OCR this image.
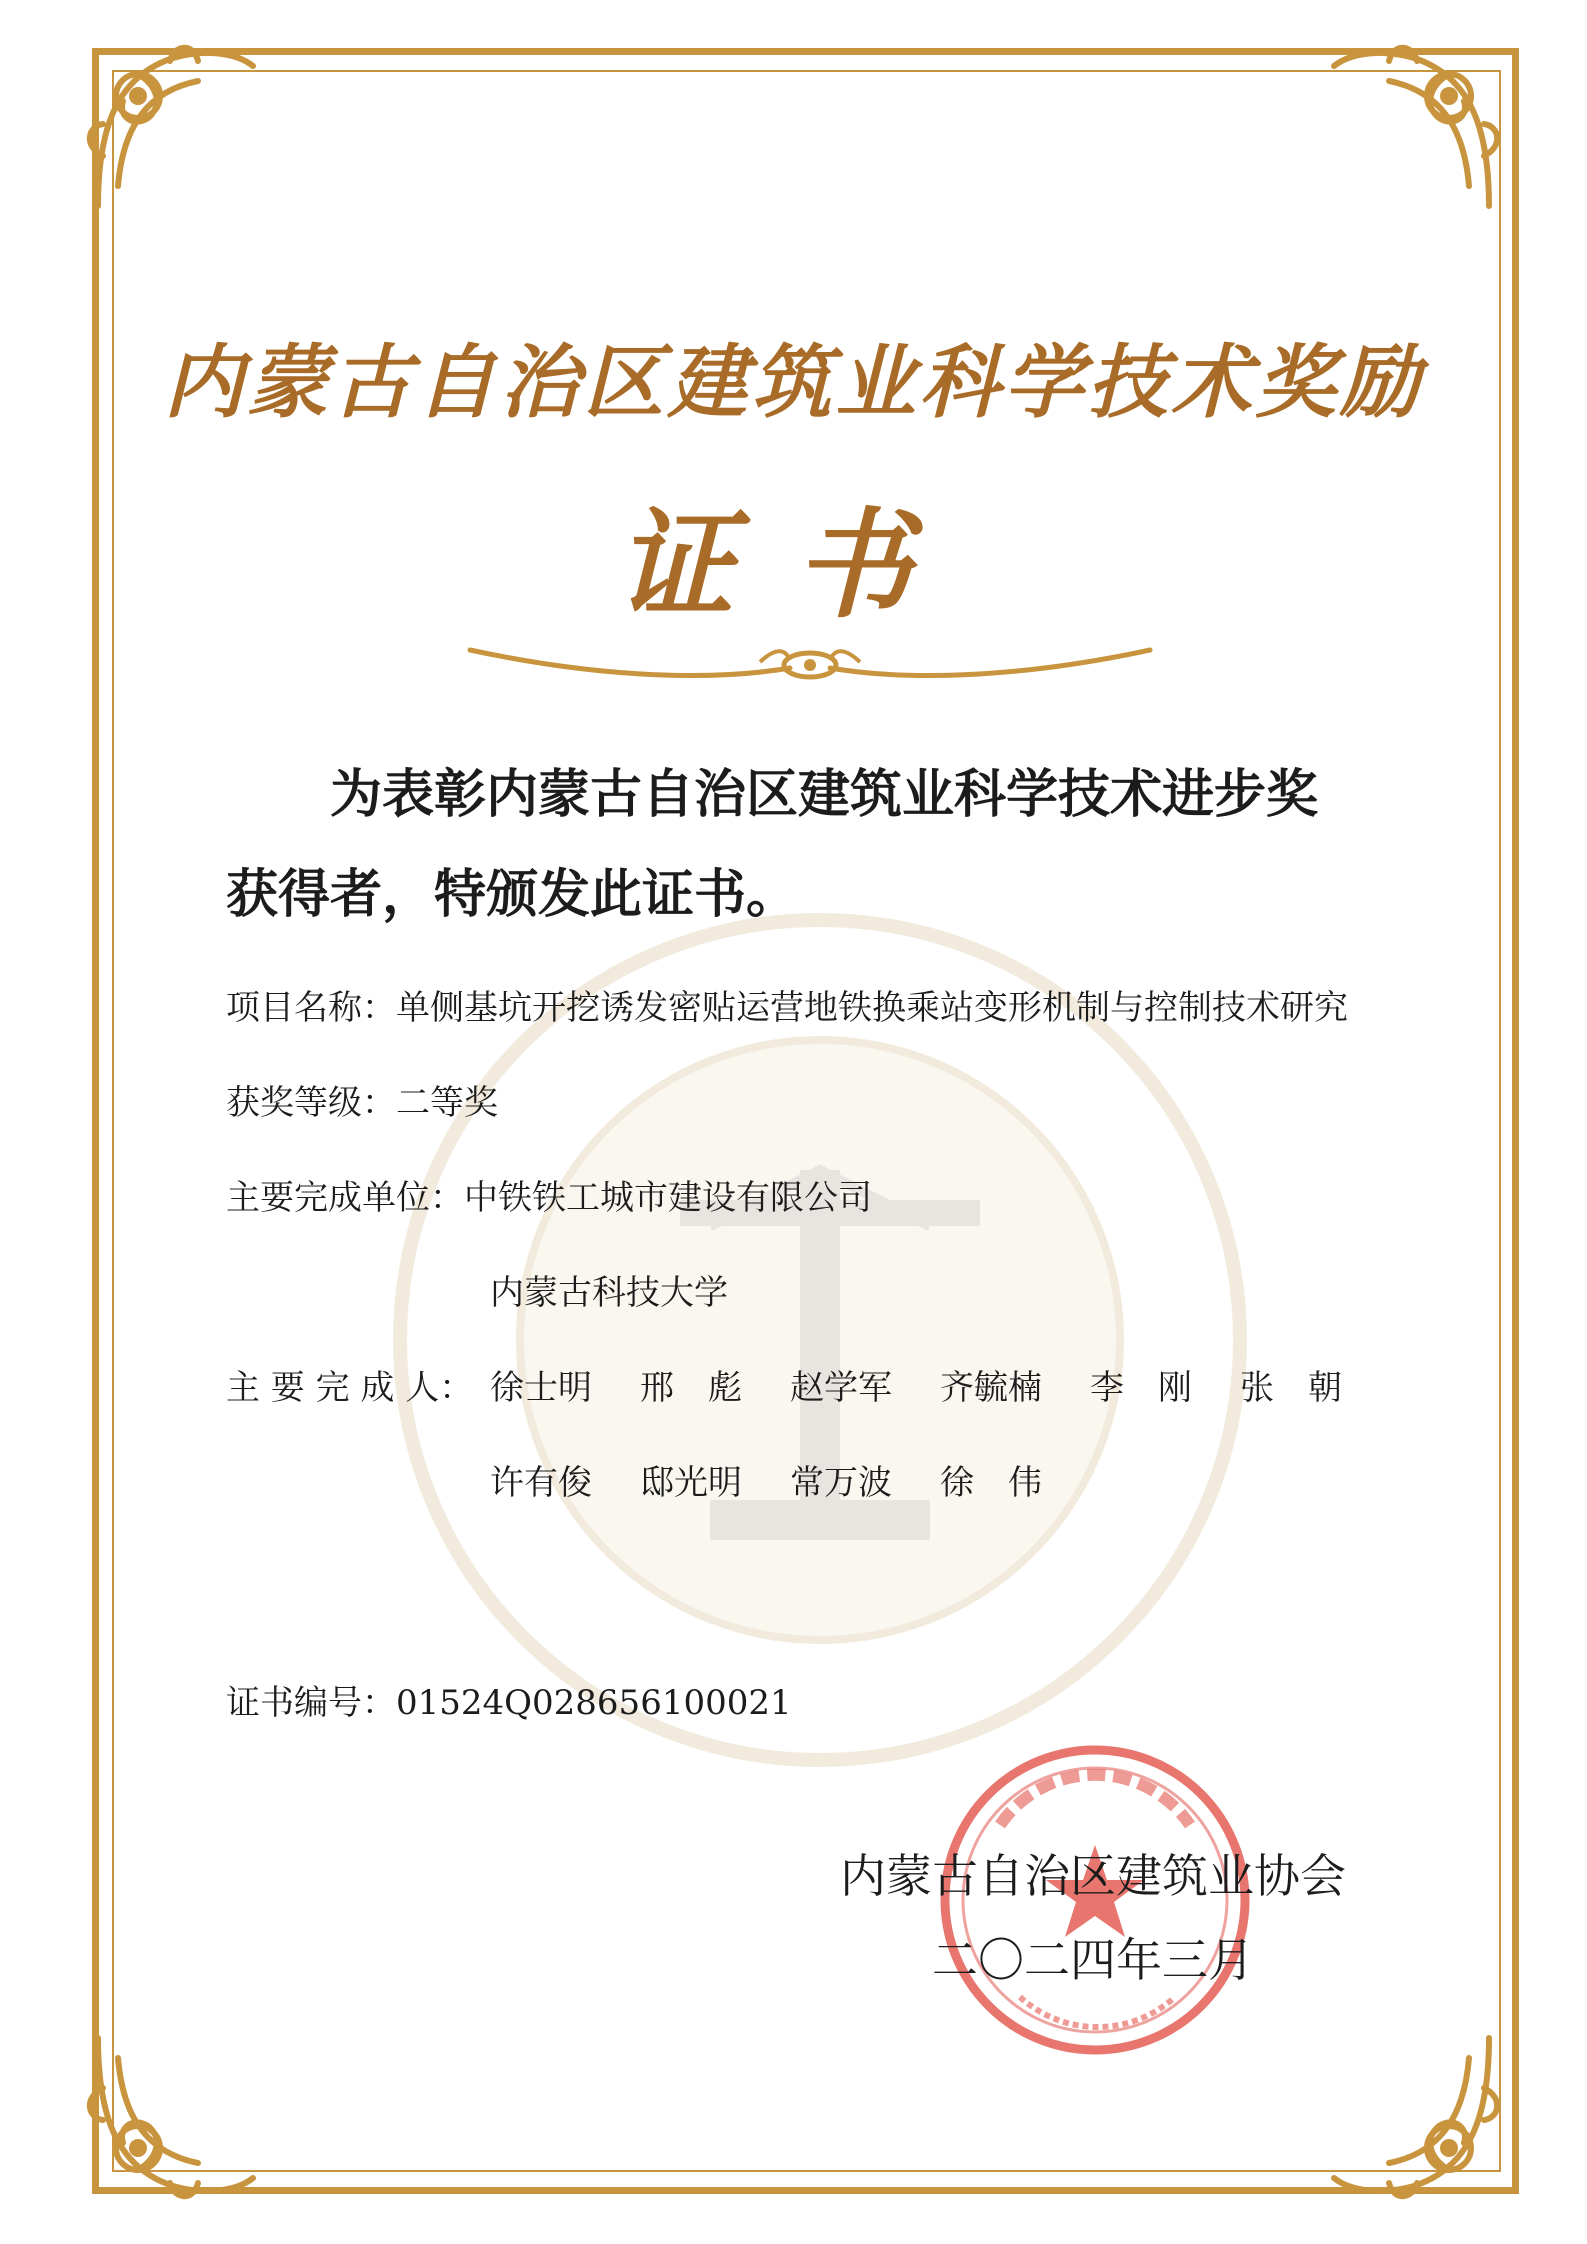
内蒙古自治区建筑业科学技术奖励
证书

为表彰内蒙古自治区建筑业科学技术进步奖
获得者，特颁发此证书。

项目名称：单侧基坑开挖诱发密贴运营地铁换乘站变形机制与控制技术研究

获奖等级：二等奖

主要完成单位：中铁铁工城市建设有限公司

内蒙古科技大学

主 要 完 成 人： 徐士明 邢　彪 赵学军 齐毓楠 李　刚 张　朝

许有俊 邸光明 常万波 徐　伟

证书编号：01524Q028656100021

内蒙古自治区建筑业协会

二〇二四年三月
